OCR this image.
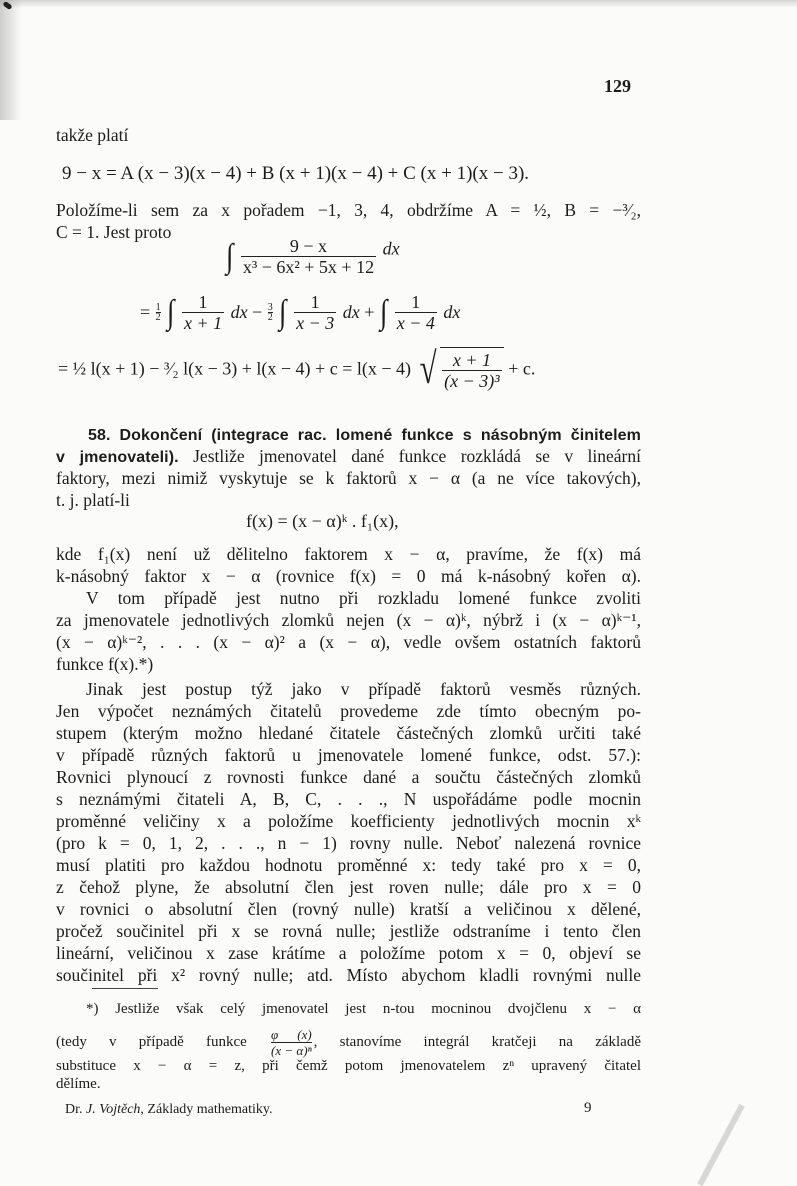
129
takže platí
9 − x = A (x − 3)(x − 4) + B (x + 1)(x − 4) + C (x + 1)(x − 3).
Položíme-li sem za x pořadem −1, 3, 4, obdržíme A = ½, B = −³⁄₂,
C = 1. Jest proto
∫ $\frac{9 - x}{\text{x³ − 6x² + 5x + 12}}$ dx
= $\frac{1}{2}$ ∫ $\frac{1}{x + 1}$ dx − $\frac{3}{2}$ ∫ $\frac{1}{x - 3}$ dx + ∫ $\frac{1}{x - 4}$ dx
= ½ l(x + 1) − ³⁄₂ l(x − 3) + l(x − 4) + c = l(x − 4) √ $\frac{x + 1}{\text{(x − 3)³}} + c$.
58. Dokončení (integrace rac. lomené funkce s násobným činitelem
v jmenovateli). Jestliže jmenovatel dané funkce rozkládá se v lineární
faktory, mezi nimiž vyskytuje se k faktorů x − α (a ne více takových),
t. j. platí-li
f(x) = (x − α)ᵏ . f₁(x),
kde f₁(x) není už dělitelno faktorem x − α, pravíme, že f(x) má
k-násobný faktor x − α (rovnice f(x) = 0 má k-násobný kořen α).
V tom případě jest nutno při rozkladu lomené funkce zvoliti
za jmenovatele jednotlivých zlomků nejen (x − α)ᵏ, nýbrž i (x − α)ᵏ⁻¹,
(x − α)ᵏ⁻², . . . (x − α)² a (x − α), vedle ovšem ostatních faktorů
funkce f(x).*)
Jinak jest postup týž jako v případě faktorů vesměs různých.
Jen výpočet neznámých čitatelů provedeme zde tímto obecným po-
stupem (kterým možno hledané čitatele částečných zlomků určiti také
v případě různých faktorů u jmenovatele lomené funkce, odst. 57.):
Rovnici plynoucí z rovnosti funkce dané a součtu částečných zlomků
s neznámými čitateli A, B, C, . . ., N uspořádáme podle mocnin
proměnné veličiny x a položíme koefficienty jednotlivých mocnin xᵏ
(pro k = 0, 1, 2, . . ., n − 1) rovny nulle. Neboť nalezená rovnice
musí platiti pro každou hodnotu proměnné x: tedy také pro x = 0,
z čehož plyne, že absolutní člen jest roven nulle; dále pro x = 0
v rovnici o absolutní člen (rovný nulle) kratší a veličinou x dělené,
pročež součinitel při x se rovná nulle; jestliže odstraníme i tento člen
lineární, veličinou x zase krátíme a položíme potom x = 0, objeví se
součinitel při x² rovný nulle; atd. Místo abychom kladli rovnými nulle
*) Jestliže však celý jmenovatel jest n-tou mocninou dvojčlenu x − α
(tedy v případě funkce $\frac{\varphi (x)}{\text{(x − α)ⁿ}}$ , stanovíme integrál kratčeji na základě
substituce x − α = z, při čemž potom jmenovatelem zⁿ upravený čitatel
dělíme.
Dr. J. Vojtěch, Základy mathematiky.	9
